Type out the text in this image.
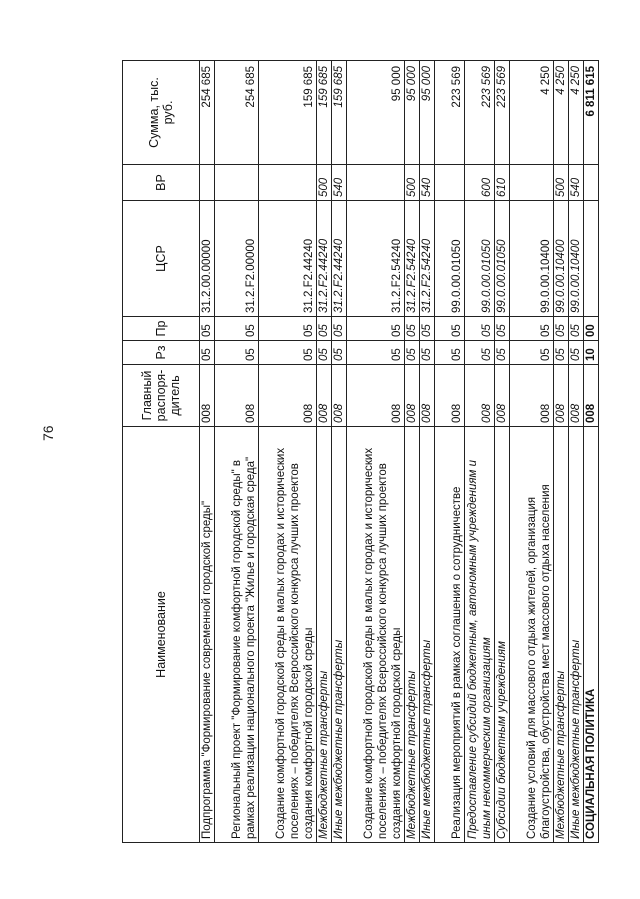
76
Наименование	Главный распоря-дитель	Рз	Пр	ЦСР	ВР	Сумма, тыс. руб.
Подпрограмма "Формирование современной городской среды"	008	05	05	31.2.00.00000		254 685
Региональный проект "Формирование комфортной городской среды" в рамках реализации национального проекта "Жилье и городская среда"	008	05	05	31.2.F2.00000		254 685
Создание комфортной городской среды в малых городах и исторических поселениях – победителях Всероссийского конкурса лучших проектов создания комфортной городской среды	008	05	05	31.2.F2.44240		159 685
Межбюджетные трансферты	008	05	05	31.2.F2.44240	500	159 685
Иные межбюджетные трансферты	008	05	05	31.2.F2.44240	540	159 685
Создание комфортной городской среды в малых городах и исторических поселениях – победителях Всероссийского конкурса лучших проектов создания комфортной городской среды	008	05	05	31.2.F2.54240		95 000
Межбюджетные трансферты	008	05	05	31.2.F2.54240	500	95 000
Иные межбюджетные трансферты	008	05	05	31.2.F2.54240	540	95 000
Реализация мероприятий в рамках соглашения о сотрудничестве	008	05	05	99.0.00.01050		223 569
Предоставление субсидий бюджетным, автономным учреждениям и иным некоммерческим организациям	008	05	05	99.0.00.01050	600	223 569
Субсидии бюджетным учреждениям	008	05	05	99.0.00.01050	610	223 569
Создание условий для массового отдыха жителей, организация благоустройства, обустройства мест массового отдыха населения	008	05	05	99.0.00.10400		4 250
Межбюджетные трансферты	008	05	05	99.0.00.10400	500	4 250
Иные межбюджетные трансферты	008	05	05	99.0.00.10400	540	4 250
СОЦИАЛЬНАЯ ПОЛИТИКА	008	10	00			6 811 615
